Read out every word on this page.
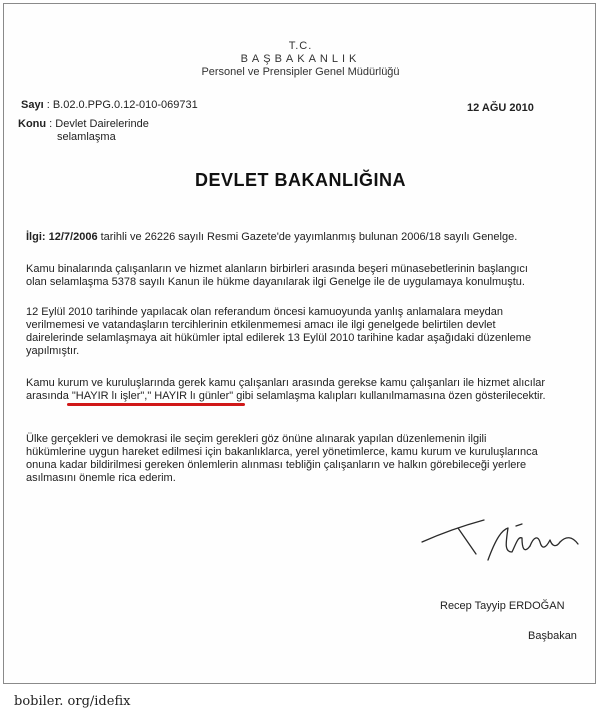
T.C.
BAŞBAKANLIK
Personel ve Prensipler Genel Müdürlüğü
Sayı : B.02.0.PPG.0.12-010-069731	12 AĞU 2010
Konu : Devlet Dairelerinde
selamlaşma
DEVLET BAKANLIĞINA
İlgi: 12/7/2006 tarihli ve 26226 sayılı Resmi Gazete'de yayımlanmış bulunan 2006/18 sayılı Genelge.
Kamu binalarında çalışanların ve hizmet alanların birbirleri arasında beşeri münasebetlerinin başlangıcı
olan selamlaşma 5378 sayılı Kanun ile hükme dayanılarak ilgi Genelge ile de uygulamaya konulmuştu.
12 Eylül 2010 tarihinde yapılacak olan referandum öncesi kamuoyunda yanlış anlamalara meydan
verilmemesi ve vatandaşların tercihlerinin etkilenmemesi amacı ile ilgi genelgede belirtilen devlet
dairelerinde selamlaşmaya ait hükümler iptal edilerek 13 Eylül 2010 tarihine kadar aşağıdaki düzenleme
yapılmıştır.
Kamu kurum ve kuruluşlarında gerek kamu çalışanları arasında gerekse kamu çalışanları ile hizmet alıcılar
arasında "HAYIR lı işler"," HAYIR lı günler" gibi selamlaşma kalıpları kullanılmamasına özen gösterilecektir.
Ülke gerçekleri ve demokrasi ile seçim gerekleri göz önüne alınarak yapılan düzenlemenin ilgili
hükümlerine uygun hareket edilmesi için bakanlıklarca, yerel yönetimlerce, kamu kurum ve kuruluşlarınca
onuna kadar bildirilmesi gereken önlemlerin alınması tebliğin çalışanların ve halkın görebileceği yerlere
asılmasını önemle rica ederim.
Recep Tayyip ERDOĞAN
Başbakan
bobiler. org/idefix
